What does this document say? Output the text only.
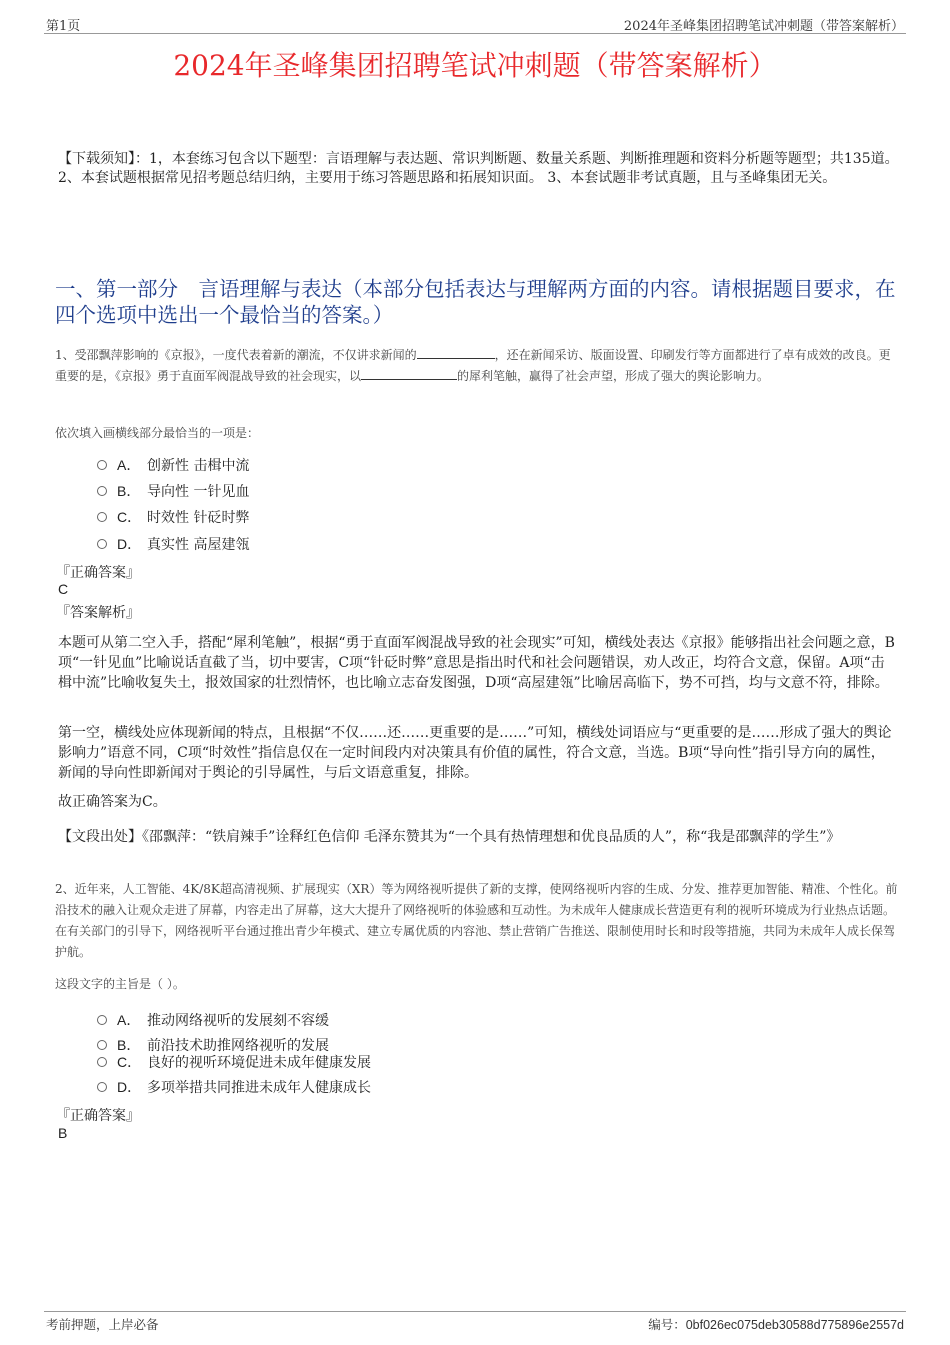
第1页	2024年圣峰集团招聘笔试冲刺题（带答案解析）
2024年圣峰集团招聘笔试冲刺题（带答案解析）
【下载须知】：1，本套练习包含以下题型：言语理解与表达题、常识判断题、数量关系题、判断推理题和资料分析题等题型；共135道。 2、本套试题根据常见招考题总结归纳，主要用于练习答题思路和拓展知识面。 3、本套试题非考试真题，且与圣峰集团无关。
一、第一部分　言语理解与表达（本部分包括表达与理解两方面的内容。请根据题目要求，在四个选项中选出一个最恰当的答案。）
1、受邵飘萍影响的《京报》，一度代表着新的潮流，不仅讲求新闻的	，还在新闻采访、版面设置、印刷发行等方面都进行了卓有成效的改良。更重要的是，《京报》勇于直面军阀混战导致的社会现实，以	的犀利笔触，赢得了社会声望，形成了强大的舆论影响力。
依次填入画横线部分最恰当的一项是：
A． 创新性 击楫中流
B． 导向性 一针见血
C． 时效性 针砭时弊
D． 真实性 高屋建瓴
『正确答案』
C
『答案解析』
本题可从第二空入手，搭配“犀利笔触”，根据“勇于直面军阀混战导致的社会现实”可知，横线处表达《京报》能够指出社会问题之意，B项“一针见血”比喻说话直截了当，切中要害，C项“针砭时弊”意思是指出时代和社会问题错误，劝人改正，均符合文意，保留。A项“击楫中流”比喻收复失土，报效国家的壮烈情怀，也比喻立志奋发图强，D项“高屋建瓴”比喻居高临下，势不可挡，均与文意不符，排除。
第一空，横线处应体现新闻的特点，且根据“不仅……还……更重要的是……”可知，横线处词语应与“更重要的是……形成了强大的舆论影响力”语意不同，C项“时效性”指信息仅在一定时间段内对决策具有价值的属性，符合文意，当选。B项“导向性”指引导方向的属性，新闻的导向性即新闻对于舆论的引导属性，与后文语意重复，排除。
故正确答案为C。
【文段出处】《邵飘萍：“铁肩辣手”诠释红色信仰 毛泽东赞其为“一个具有热情理想和优良品质的人”，称“我是邵飘萍的学生”》
2、近年来，人工智能、4K/8K超高清视频、扩展现实（XR）等为网络视听提供了新的支撑，使网络视听内容的生成、分发、推荐更加智能、精准、个性化。前沿技术的融入让观众走进了屏幕，内容走出了屏幕，这大大提升了网络视听的体验感和互动性。为未成年人健康成长营造更有利的视听环境成为行业热点话题。在有关部门的引导下，网络视听平台通过推出青少年模式、建立专属优质的内容池、禁止营销广告推送、限制使用时长和时段等措施，共同为未成年人成长保驾护航。
这段文字的主旨是（ ）。
A． 推动网络视听的发展刻不容缓
B． 前沿技术助推网络视听的发展
C． 良好的视听环境促进未成年健康发展
D． 多项举措共同推进未成年人健康成长
『正确答案』
B
考前押题，上岸必备	编号：0bf026ec075deb30588d775896e2557d
